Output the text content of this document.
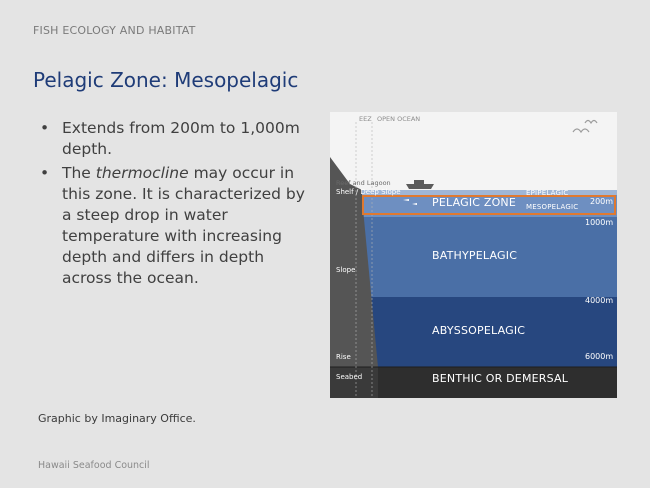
FISH ECOLOGY AND HABITAT
Pelagic Zone: Mesopelagic
• Extends from 200m to 1,000m depth.
• The thermocline may occur in this zone. It is characterized by a steep drop in water temperature with increasing depth and differs in depth across the ocean.
EEZ OPEN OCEAN
Reef and Lagoon
Shelf / Deep Slope	EPIPELAGIC
PELAGIC ZONE MESOPELAGIC
200m
1000m
BATHYPELAGIC
4000m
ABYSSOPELAGIC
6000m
BENTHIC OR DEMERSAL
Slope
Rise
Seabed
Graphic by Imaginary Office.
Hawaii Seafood Council
